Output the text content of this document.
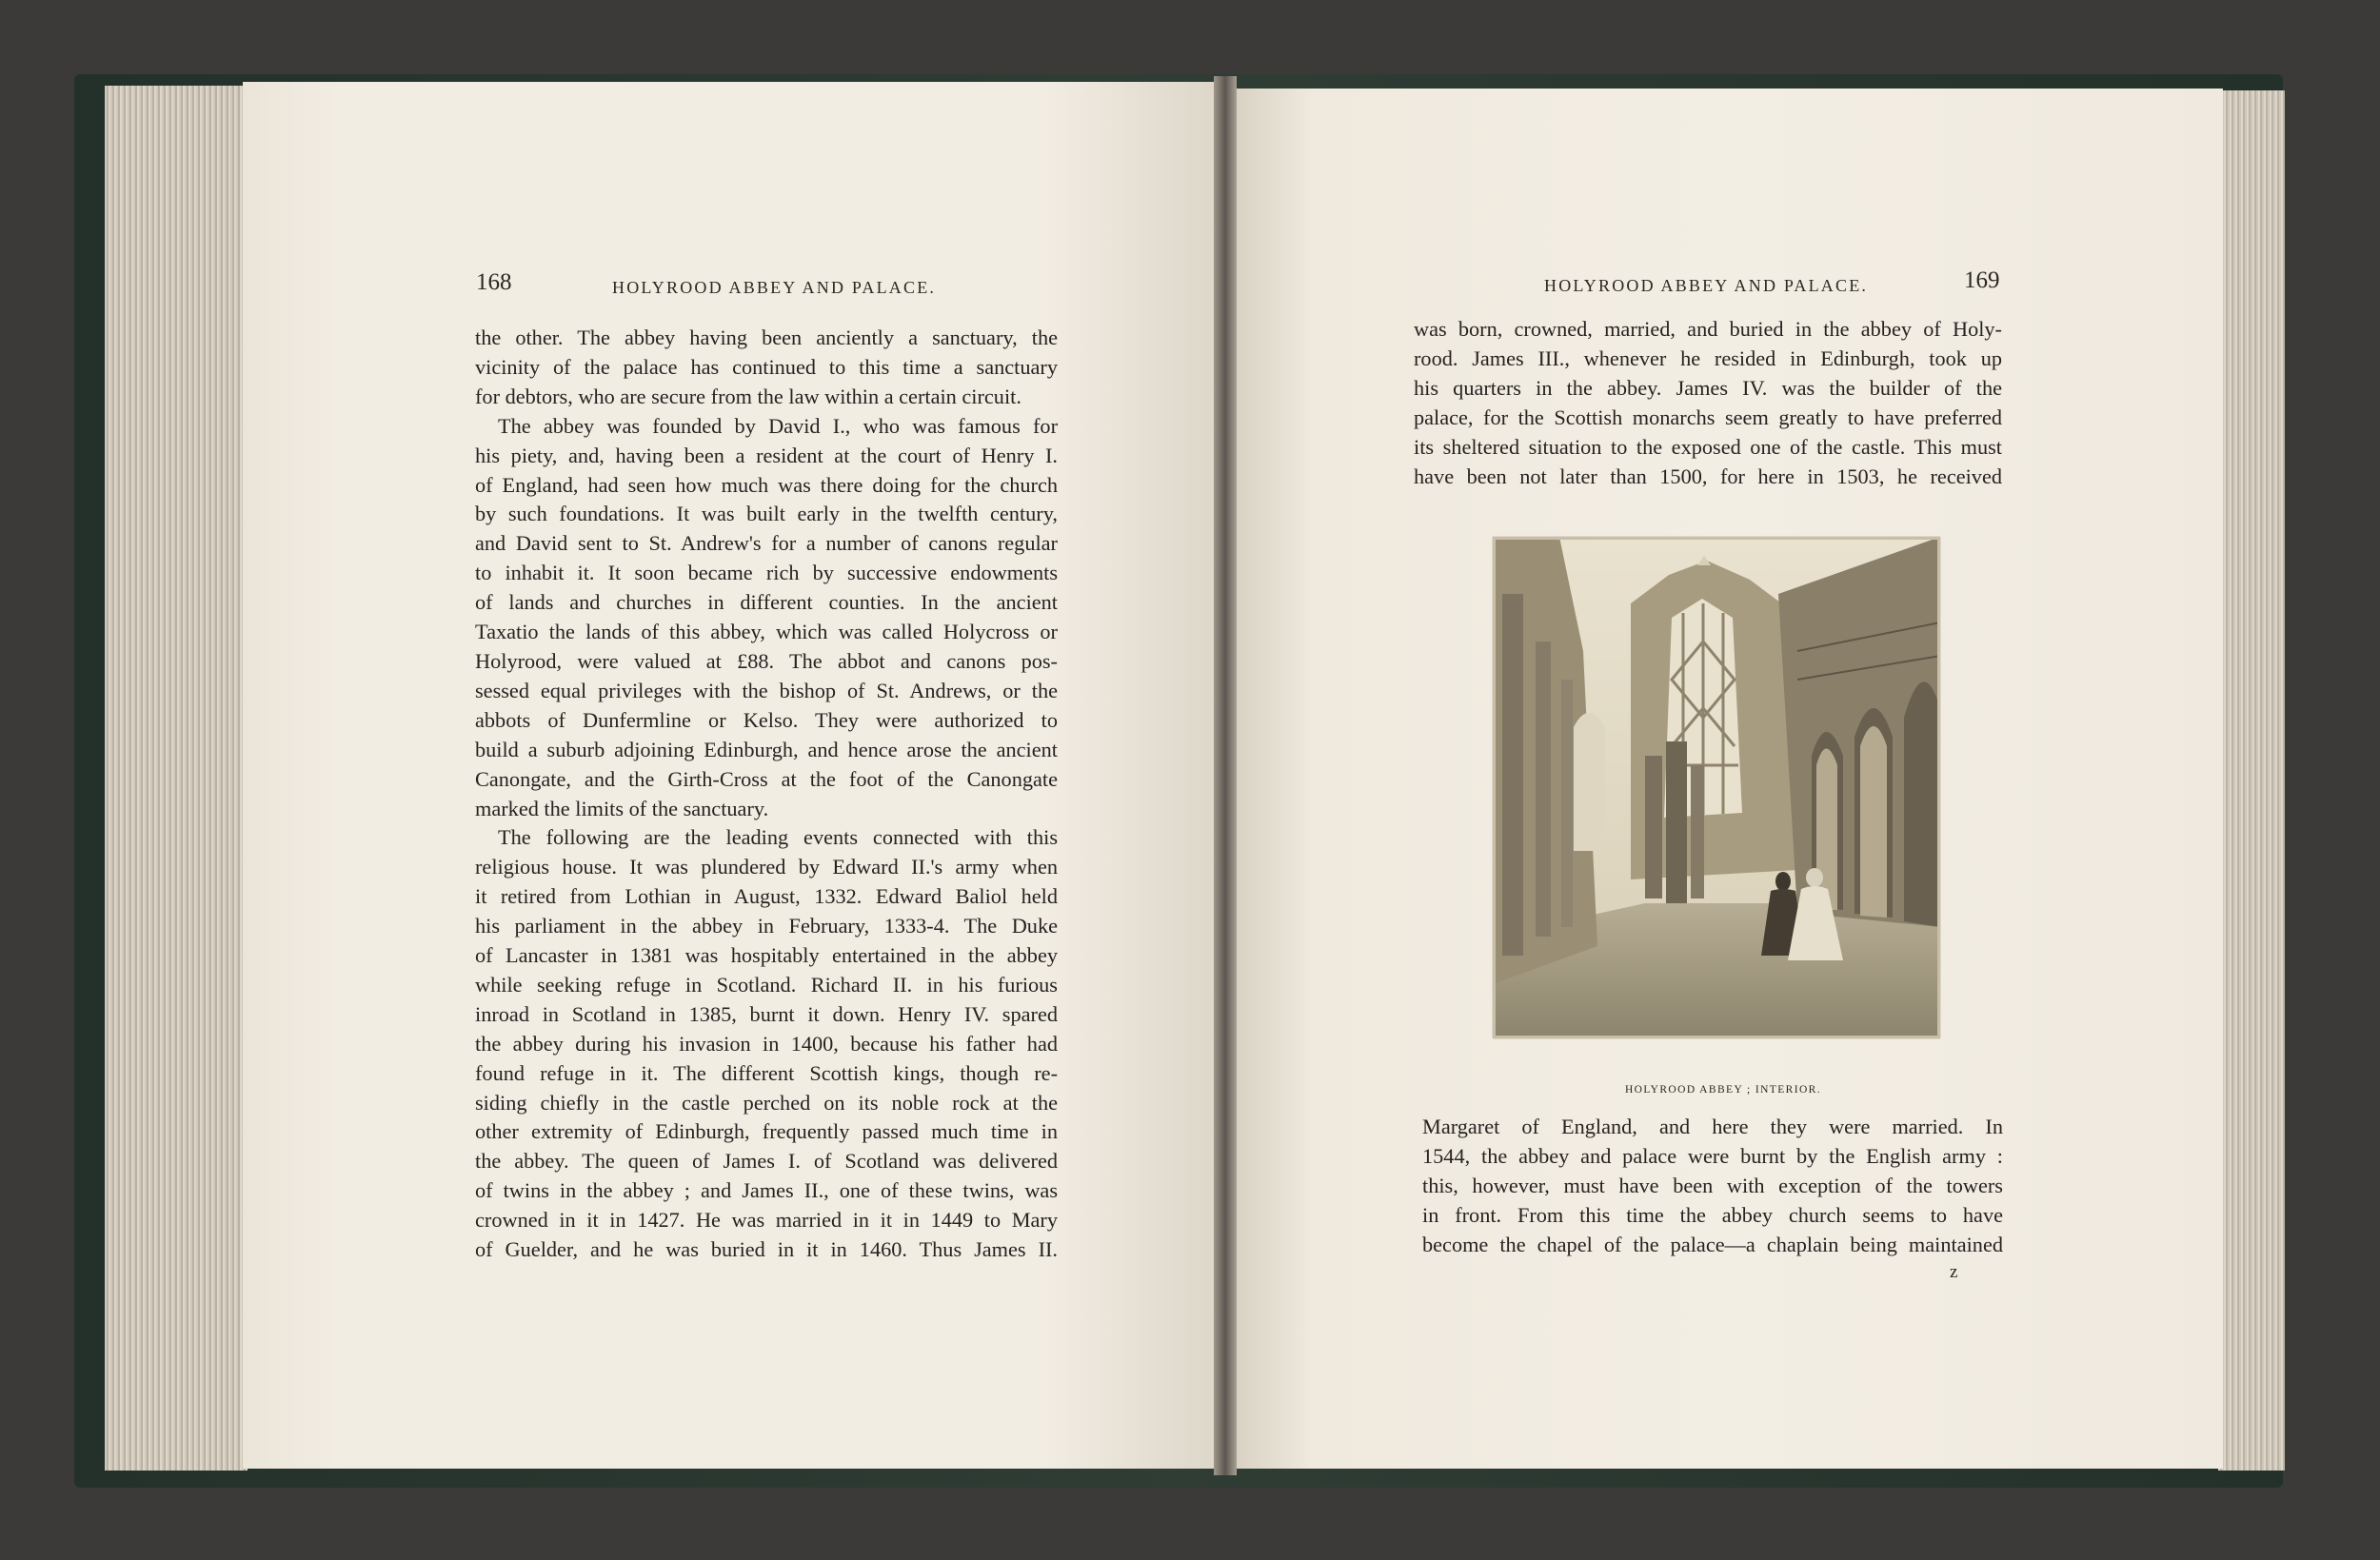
168	HOLYROOD ABBEY AND PALACE.
the other. The abbey having been anciently a sanctuary, the
vicinity of the palace has continued to this time a sanctuary
for debtors, who are secure from the law within a certain circuit.
The abbey was founded by David I., who was famous for
his piety, and, having been a resident at the court of Henry I.
of England, had seen how much was there doing for the church
by such foundations. It was built early in the twelfth century,
and David sent to St. Andrew's for a number of canons regular
to inhabit it. It soon became rich by successive endowments
of lands and churches in different counties. In the ancient
Taxatio the lands of this abbey, which was called Holycross or
Holyrood, were valued at £88. The abbot and canons pos-
sessed equal privileges with the bishop of St. Andrews, or the
abbots of Dunfermline or Kelso. They were authorized to
build a suburb adjoining Edinburgh, and hence arose the ancient
Canongate, and the Girth-Cross at the foot of the Canongate
marked the limits of the sanctuary.
The following are the leading events connected with this
religious house. It was plundered by Edward II.'s army when
it retired from Lothian in August, 1332. Edward Baliol held
his parliament in the abbey in February, 1333-4. The Duke
of Lancaster in 1381 was hospitably entertained in the abbey
while seeking refuge in Scotland. Richard II. in his furious
inroad in Scotland in 1385, burnt it down. Henry IV. spared
the abbey during his invasion in 1400, because his father had
found refuge in it. The different Scottish kings, though re-
siding chiefly in the castle perched on its noble rock at the
other extremity of Edinburgh, frequently passed much time in
the abbey. The queen of James I. of Scotland was delivered
of twins in the abbey ; and James II., one of these twins, was
crowned in it in 1427. He was married in it in 1449 to Mary
of Guelder, and he was buried in it in 1460. Thus James II.
HOLYROOD ABBEY AND PALACE.	169
was born, crowned, married, and buried in the abbey of Holy-
rood. James III., whenever he resided in Edinburgh, took up
his quarters in the abbey. James IV. was the builder of the
palace, for the Scottish monarchs seem greatly to have preferred
its sheltered situation to the exposed one of the castle. This must
have been not later than 1500, for here in 1503, he received
HOLYROOD ABBEY ; INTERIOR.
Margaret of England, and here they were married. In
1544, the abbey and palace were burnt by the English army :
this, however, must have been with exception of the towers
in front. From this time the abbey church seems to have
become the chapel of the palace—a chaplain being maintained
z
